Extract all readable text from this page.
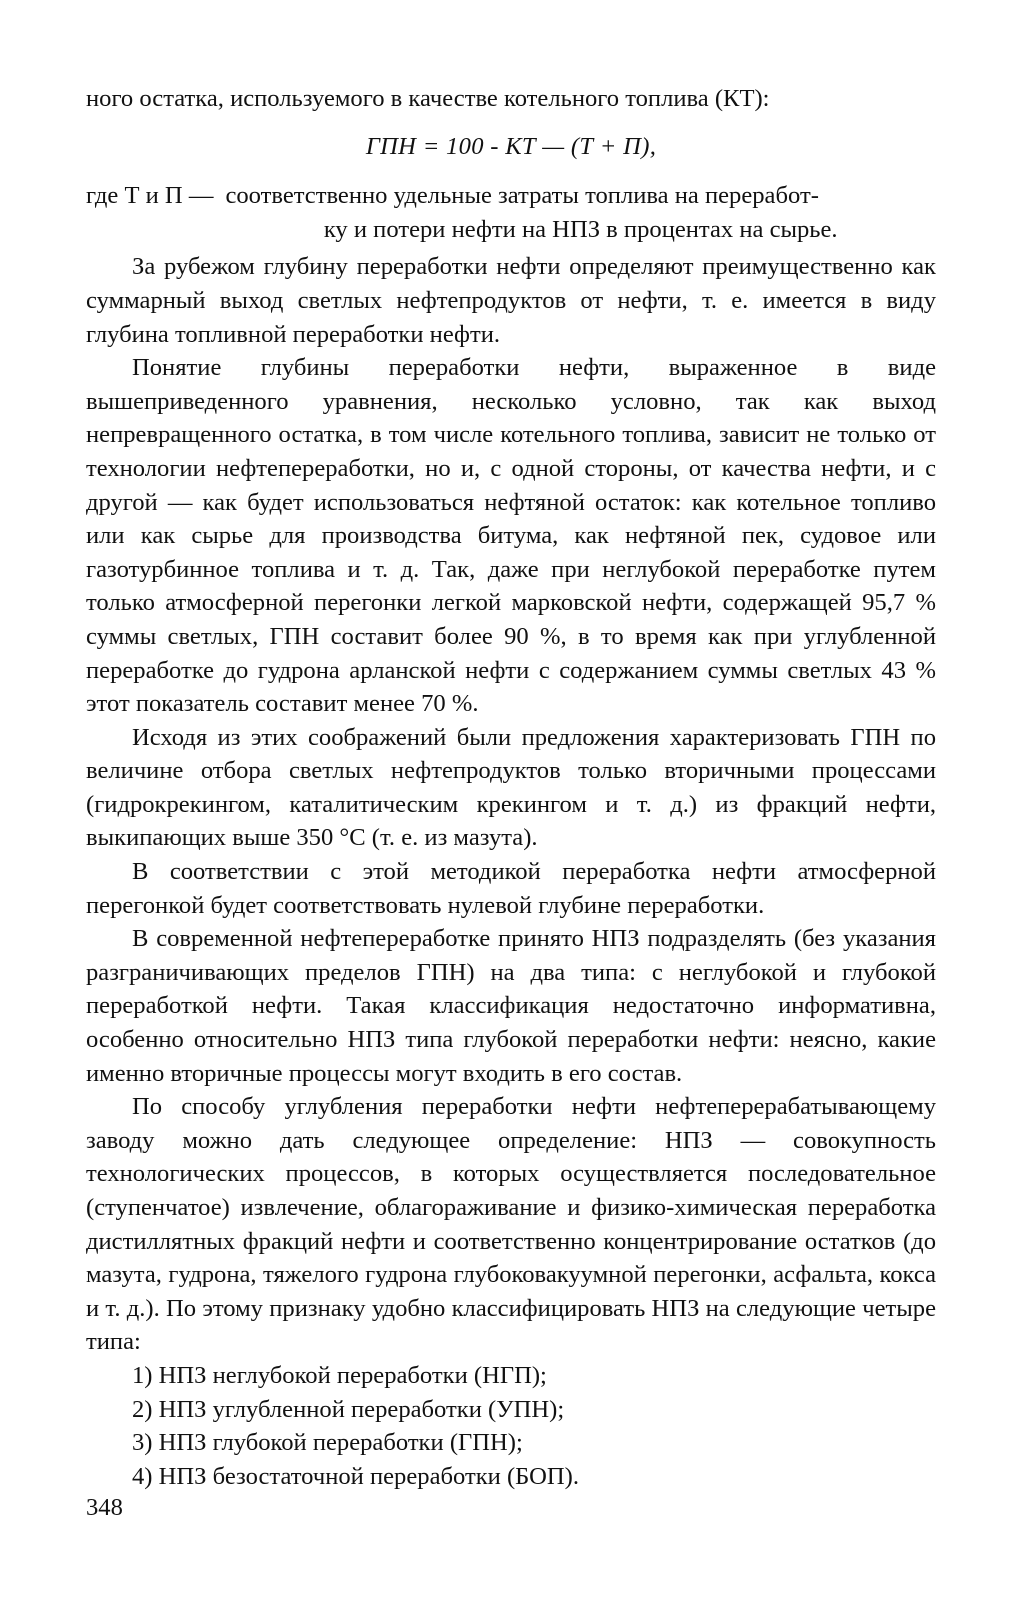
ного остатка, используемого в качестве котельного топлива (КТ):

ГПН = 100 - КТ — (Т + П),

где Т и П — соответственно удельные затраты топлива на переработ-
ку и потери нефти на НПЗ в процентах на сырье.

За рубежом глубину переработки нефти определяют преимущественно как суммарный выход светлых нефтепродуктов от нефти, т. е. имеется в виду глубина топливной переработки нефти.

Понятие глубины переработки нефти, выраженное в виде вышеприведенного уравнения, несколько условно, так как выход непревращенного остатка, в том числе котельного топлива, зависит не только от технологии нефтепереработки, но и, с одной стороны, от качества нефти, и с другой — как будет использоваться нефтяной остаток: как котельное топливо или как сырье для производства битума, как нефтяной пек, судовое или газотурбинное топлива и т. д. Так, даже при неглубокой переработке путем только атмосферной перегонки легкой марковской нефти, содержащей 95,7 % суммы светлых, ГПН составит более 90 %, в то время как при углубленной переработке до гудрона арланской нефти с содержанием суммы светлых 43 % этот показатель составит менее 70 %.

Исходя из этих соображений были предложения характеризовать ГПН по величине отбора светлых нефтепродуктов только вторичными процессами (гидрокрекингом, каталитическим крекингом и т. д.) из фракций нефти, выкипающих выше 350 °С (т. е. из мазута).

В соответствии с этой методикой переработка нефти атмосферной перегонкой будет соответствовать нулевой глубине переработки.

В современной нефтепереработке принято НПЗ подразделять (без указания разграничивающих пределов ГПН) на два типа: с неглубокой и глубокой переработкой нефти. Такая классификация недостаточно информативна, особенно относительно НПЗ типа глубокой переработки нефти: неясно, какие именно вторичные процессы могут входить в его состав.

По способу углубления переработки нефти нефтеперерабатывающему заводу можно дать следующее определение: НПЗ — совокупность технологических процессов, в которых осуществляется последовательное (ступенчатое) извлечение, облагораживание и физико-химическая переработка дистиллятных фракций нефти и соответственно концентрирование остатков (до мазута, гудрона, тяжелого гудрона глубоковакуумной перегонки, асфальта, кокса и т. д.). По этому признаку удобно классифицировать НПЗ на следующие четыре типа:

1) НПЗ неглубокой переработки (НГП);
2) НПЗ углубленной переработки (УПН);
3) НПЗ глубокой переработки (ГПН);
4) НПЗ безостаточной переработки (БОП).
348
